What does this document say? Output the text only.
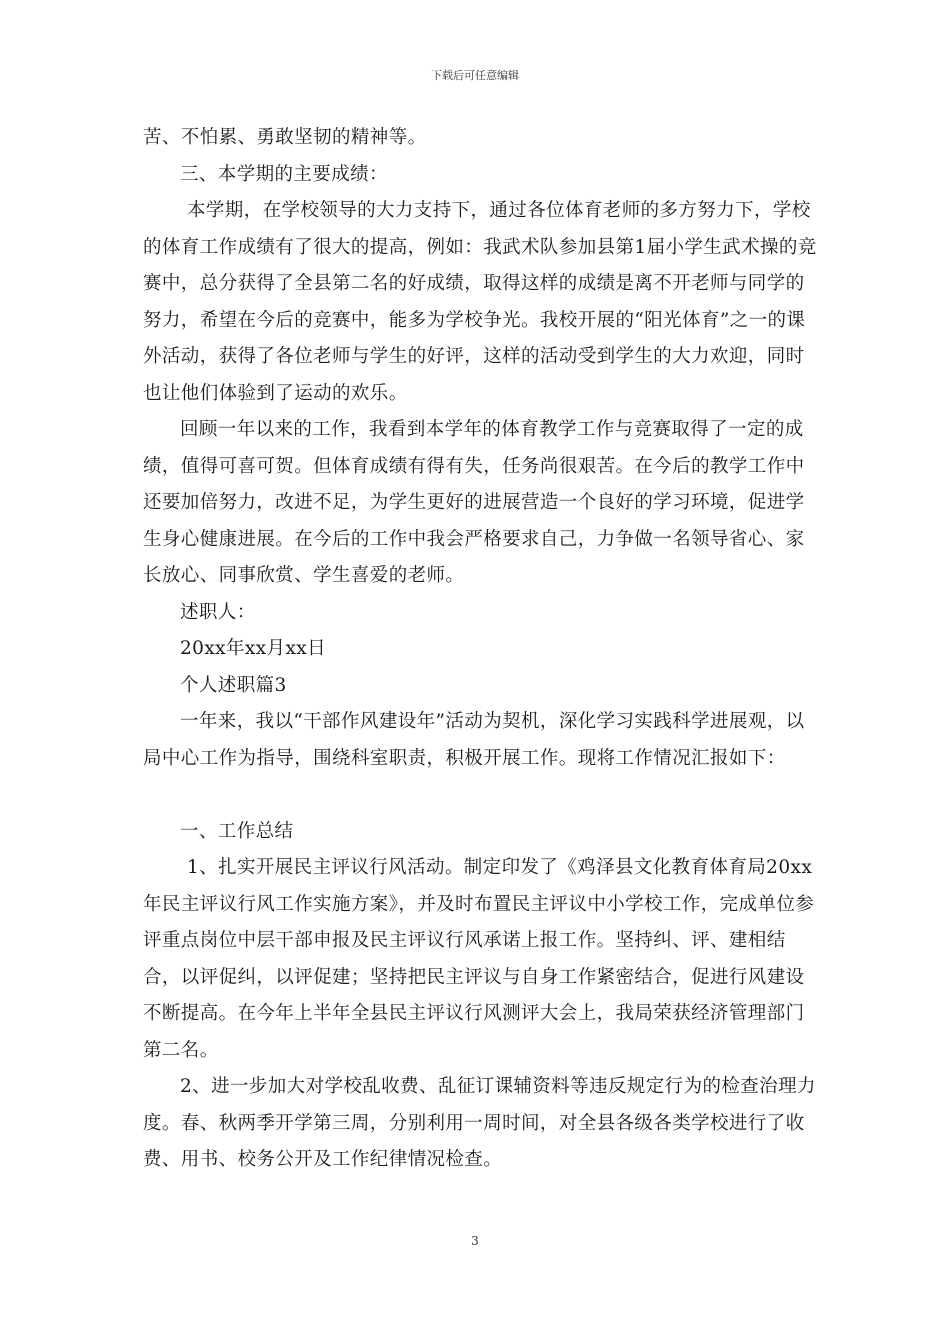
下载后可任意编辑

苦、不怕累、勇敢坚韧的精神等。

三、本学期的主要成绩：

本学期，在学校领导的大力支持下，通过各位体育老师的多方努力下，学校的体育工作成绩有了很大的提高，例如：我武术队参加县第1届小学生武术操的竞赛中，总分获得了全县第二名的好成绩，取得这样的成绩是离不开老师与同学的努力，希望在今后的竞赛中，能多为学校争光。我校开展的“阳光体育”之一的课外活动，获得了各位老师与学生的好评，这样的活动受到学生的大力欢迎，同时也让他们体验到了运动的欢乐。

回顾一年以来的工作，我看到本学年的体育教学工作与竞赛取得了一定的成绩，值得可喜可贺。但体育成绩有得有失，任务尚很艰苦。在今后的教学工作中还要加倍努力，改进不足，为学生更好的进展营造一个良好的学习环境，促进学生身心健康进展。在今后的工作中我会严格要求自己，力争做一名领导省心、家长放心、同事欣赏、学生喜爱的老师。

述职人：

20xx年xx月xx日

个人述职篇3

一年来，我以“干部作风建设年”活动为契机，深化学习实践科学进展观，以局中心工作为指导，围绕科室职责，积极开展工作。现将工作情况汇报如下：

一、工作总结

1、扎实开展民主评议行风活动。制定印发了《鸡泽县文化教育体育局20xx年民主评议行风工作实施方案》，并及时布置民主评议中小学校工作，完成单位参评重点岗位中层干部申报及民主评议行风承诺上报工作。坚持纠、评、建相结合，以评促纠，以评促建；坚持把民主评议与自身工作紧密结合，促进行风建设不断提高。在今年上半年全县民主评议行风测评大会上，我局荣获经济管理部门第二名。

2、进一步加大对学校乱收费、乱征订课辅资料等违反规定行为的检查治理力度。春、秋两季开学第三周，分别利用一周时间，对全县各级各类学校进行了收费、用书、校务公开及工作纪律情况检查。

3
